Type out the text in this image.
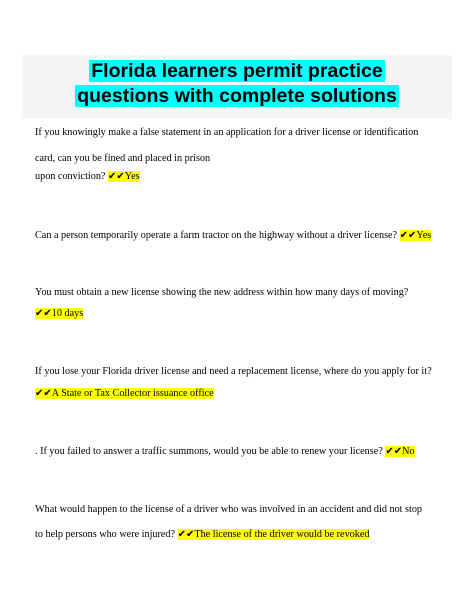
Florida learners permit practice
questions with complete solutions
If you knowingly make a false statement in an application for a driver license or identification
card, can you be fined and placed in prison
upon conviction? ✔✔Yes
Can a person temporarily operate a farm tractor on the highway without a driver license? ✔✔Yes
You must obtain a new license showing the new address within how many days of moving?
✔✔10 days
If you lose your Florida driver license and need a replacement license, where do you apply for it?
✔✔A State or Tax Collector issuance office
. If you failed to answer a traffic summons, would you be able to renew your license? ✔✔No
What would happen to the license of a driver who was involved in an accident and did not stop
to help persons who were injured? ✔✔The license of the driver would be revoked
